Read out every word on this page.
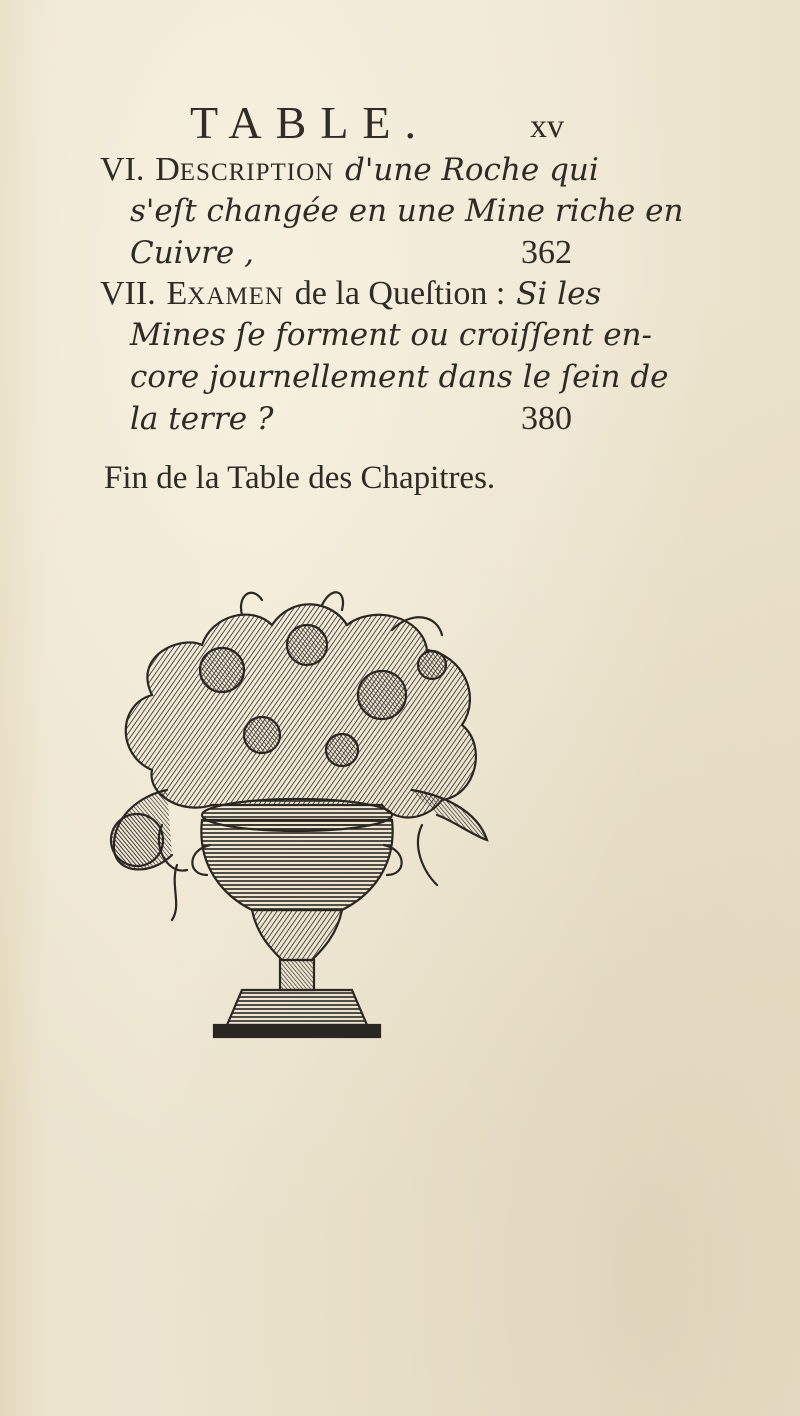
TABLE.	xv
VI. DESCRIPTION d'une Roche qui
s'eſt changée en une Mine riche en
Cuivre ,	362
VII. EXAMEN de la Queſtion : Si les
Mines ſe forment ou croiſſent en-
core journellement dans le ſein de
la terre ?	380
Fin de la Table des Chapitres.
